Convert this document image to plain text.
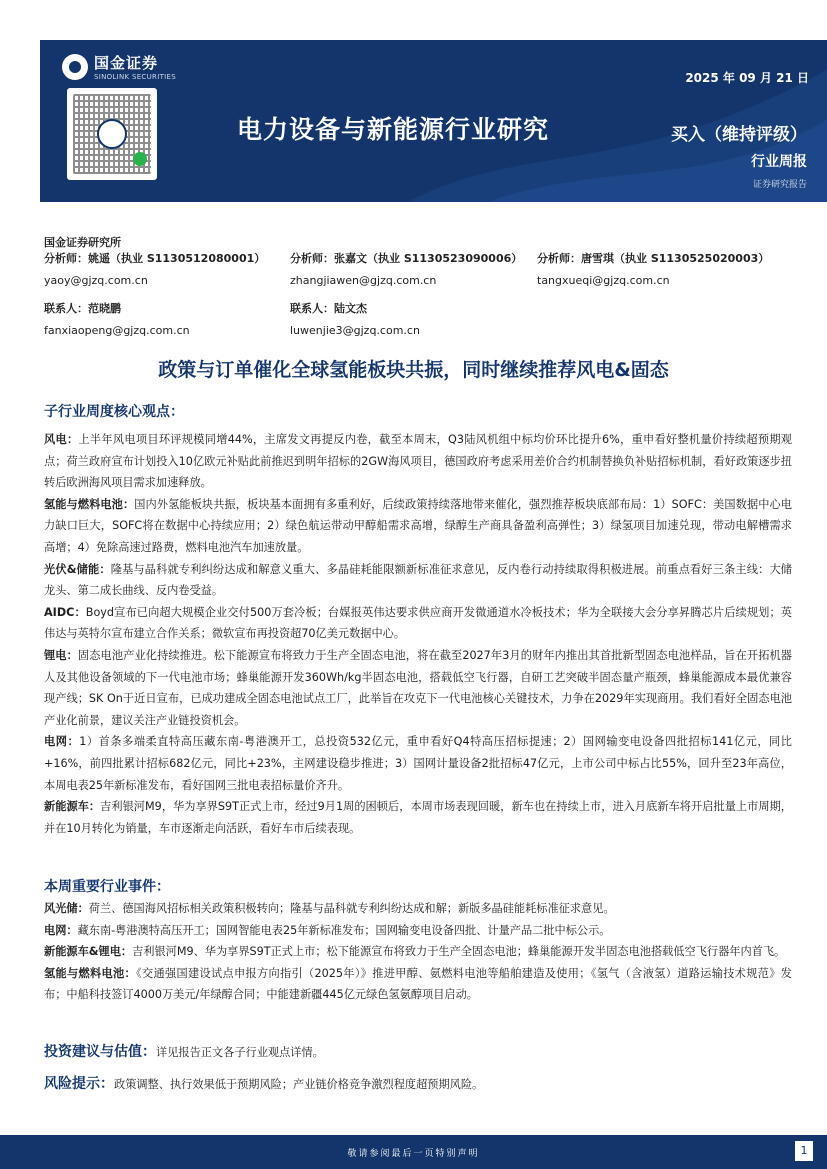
国金证券
SINOLINK SECURITIES	2025 年 09 月 21 日
电力设备与新能源行业研究	买入（维持评级）
行业周报
证券研究报告
国金证券研究所
分析师：姚遥（执业 S1130512080001）
yaoy@gjzq.com.cn
分析师：张嘉文（执业 S1130523090006）
zhangjiawen@gjzq.com.cn
分析师：唐雪琪（执业 S1130525020003）
tangxueqi@gjzq.com.cn
联系人：范晓鹏
fanxiaopeng@gjzq.com.cn
联系人：陆文杰
luwenjie3@gjzq.com.cn
政策与订单催化全球氢能板块共振，同时继续推荐风电&固态
子行业周度核心观点：
风电：上半年风电项目环评规模同增44%，主席发文再提反内卷，截至本周末，Q3陆风机组中标均价环比提升6%，重申看好整机量价持续超预期观点；荷兰政府宣布计划投入10亿欧元补贴此前推迟到明年招标的2GW海风项目，德国政府考虑采用差价合约机制替换负补贴招标机制，看好政策逐步扭转后欧洲海风项目需求加速释放。
氢能与燃料电池：国内外氢能板块共振，板块基本面拥有多重利好，后续政策持续落地带来催化，强烈推荐板块底部布局：1）SOFC：美国数据中心电力缺口巨大，SOFC将在数据中心持续应用；2）绿色航运带动甲醇船需求高增，绿醇生产商具备盈利高弹性；3）绿氢项目加速兑现，带动电解槽需求高增；4）免除高速过路费，燃料电池汽车加速放量。
光伏&储能：隆基与晶科就专利纠纷达成和解意义重大、多晶硅耗能限额新标准征求意见，反内卷行动持续取得积极进展。前重点看好三条主线：大储龙头、第二成长曲线、反内卷受益。
AIDC：Boyd宣布已向超大规模企业交付500万套冷板；台媒报英伟达要求供应商开发微通道水冷板技术；华为全联接大会分享昇腾芯片后续规划；英伟达与英特尔宣布建立合作关系；微软宣布再投资超70亿美元数据中心。
锂电：固态电池产业化持续推进。松下能源宣布将致力于生产全固态电池，将在截至2027年3月的财年内推出其首批新型固态电池样品，旨在开拓机器人及其他设备领域的下一代电池市场；蜂巢能源开发360Wh/kg半固态电池，搭载低空飞行器，自研工艺突破半固态量产瓶颈，蜂巢能源成本最优兼容现产线；SK On于近日宣布，已成功建成全固态电池试点工厂，此举旨在攻克下一代电池核心关键技术，力争在2029年实现商用。我们看好全固态电池产业化前景，建议关注产业链投资机会。
电网：1）首条多端柔直特高压藏东南-粤港澳开工，总投资532亿元，重申看好Q4特高压招标提速；2）国网输变电设备四批招标141亿元，同比+16%，前四批累计招标682亿元，同比+23%，主网建设稳步推进；3）国网计量设备2批招标47亿元，上市公司中标占比55%，回升至23年高位，本周电表25年新标准发布，看好国网三批电表招标量价齐升。
新能源车：吉利银河M9，华为享界S9T正式上市，经过9月1周的困顿后，本周市场表现回暖，新车也在持续上市，进入月底新车将开启批量上市周期，并在10月转化为销量，车市逐渐走向活跃，看好车市后续表现。
本周重要行业事件：
风光储：荷兰、德国海风招标相关政策积极转向；隆基与晶科就专利纠纷达成和解；新版多晶硅能耗标准征求意见。
电网：藏东南-粤港澳特高压开工；国网智能电表25年新标准发布；国网输变电设备四批、计量产品二批中标公示。
新能源车&锂电：吉利银河M9、华为享界S9T正式上市；松下能源宣布将致力于生产全固态电池；蜂巢能源开发半固态电池搭载低空飞行器年内首飞。
氢能与燃料电池：《交通强国建设试点申报方向指引（2025年）》推进甲醇、氨燃料电池等船舶建造及使用；《氢气（含液氢）道路运输技术规范》发布；中船科技签订4000万美元/年绿醇合同；中能建新疆445亿元绿色氢氨醇项目启动。
投资建议与估值：详见报告正文各子行业观点详情。
风险提示：政策调整、执行效果低于预期风险；产业链价格竞争激烈程度超预期风险。
敬请参阅最后一页特别声明	1
